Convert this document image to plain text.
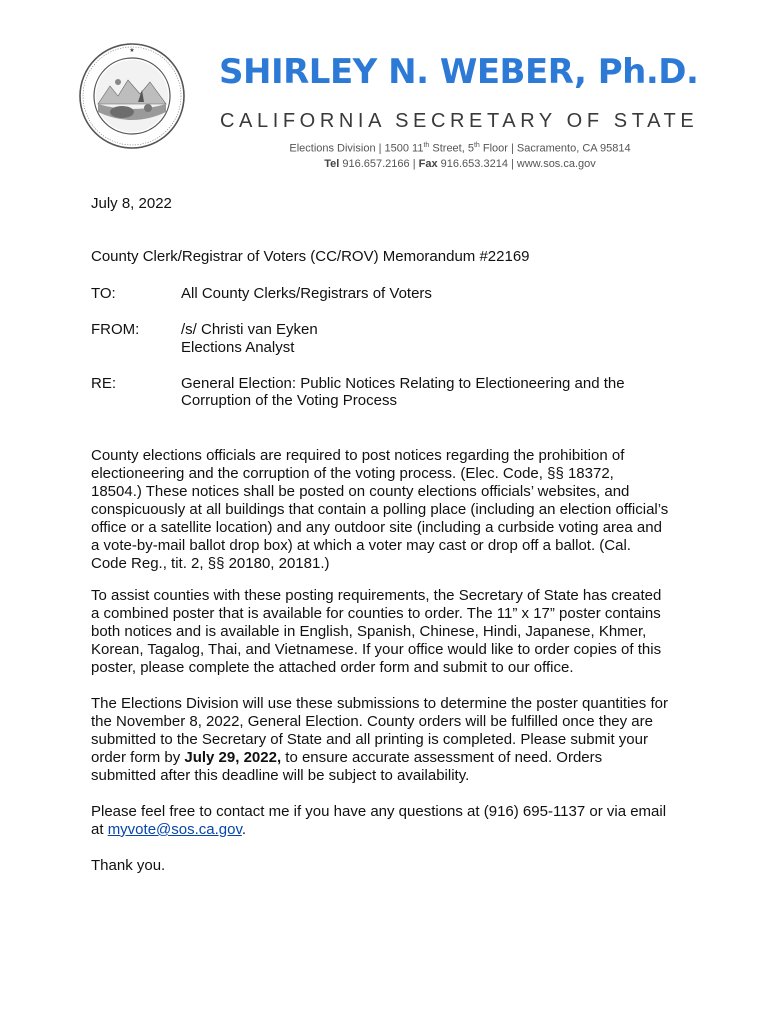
★
SHIRLEY N. WEBER, Ph.D.
CALIFORNIA SECRETARY OF STATE
Elections Division | 1500 11th Street, 5th Floor | Sacramento, CA 95814
Tel 916.657.2166 | Fax 916.653.3214 | www.sos.ca.gov
July 8, 2022
County Clerk/Registrar of Voters (CC/ROV) Memorandum #22169
TO:	All County Clerks/Registrars of Voters
FROM:	/s/ Christi van Eyken
Elections Analyst
RE:	General Election: Public Notices Relating to Electioneering and the
Corruption of the Voting Process

County elections officials are required to post notices regarding the prohibition of

electioneering and the corruption of the voting process. (Elec. Code, §§ 18372,

18504.) These notices shall be posted on county elections officials’ websites, and

conspicuously at all buildings that contain a polling place (including an election official’s

office or a satellite location) and any outdoor site (including a curbside voting area and

a vote-by-mail ballot drop box) at which a voter may cast or drop off a ballot. (Cal.

Code Reg., tit. 2, §§ 20180, 20181.)

To assist counties with these posting requirements, the Secretary of State has created

a combined poster that is available for counties to order. The 11” x 17” poster contains

both notices and is available in English, Spanish, Chinese, Hindi, Japanese, Khmer,

Korean, Tagalog, Thai, and Vietnamese. If your office would like to order copies of this

poster, please complete the attached order form and submit to our office.

The Elections Division will use these submissions to determine the poster quantities for

the November 8, 2022, General Election. County orders will be fulfilled once they are

submitted to the Secretary of State and all printing is completed. Please submit your

order form by July 29, 2022, to ensure accurate assessment of need. Orders

submitted after this deadline will be subject to availability.

Please feel free to contact me if you have any questions at (916) 695-1137 or via email

at myvote@sos.ca.gov.

Thank you.
